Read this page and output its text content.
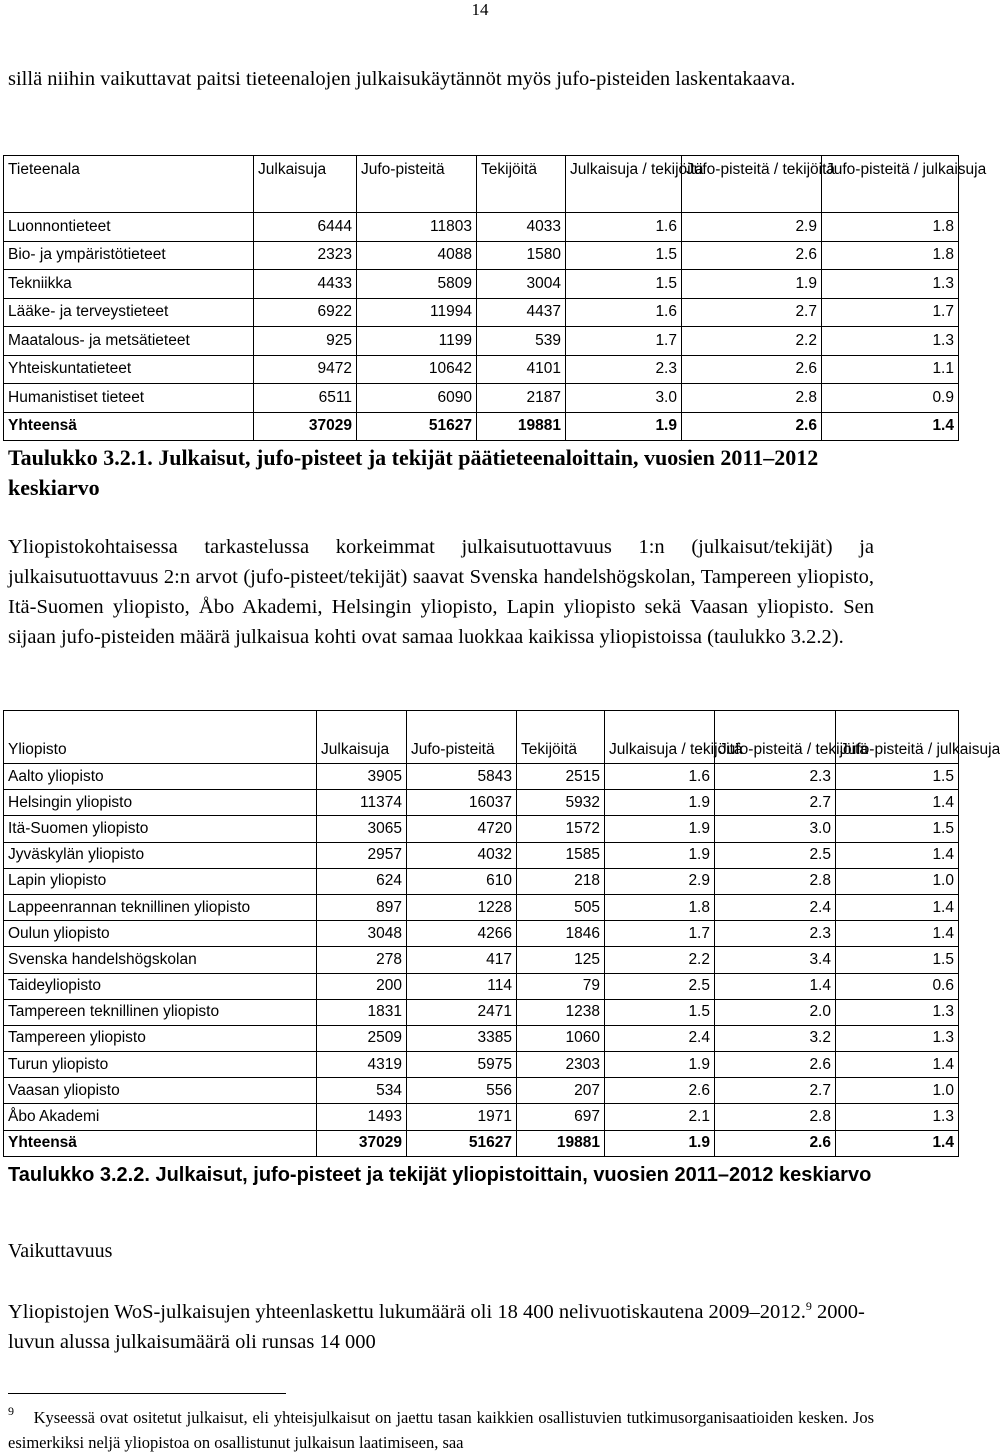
14

sillä niihin vaikuttavat paitsi tieteenalojen julkaisukäytännöt myös jufo-pisteiden laskentakaava.

Tieteenala	Julkaisuja	Jufo-pisteitä	Tekijöitä	Julkaisuja / tekijöitä	Jufo-pisteitä / tekijöitä	Jufo-pisteitä / julkaisuja
Luonnontieteet	6444	11803	4033	1.6	2.9	1.8
Bio- ja ympäristötieteet	2323	4088	1580	1.5	2.6	1.8
Tekniikka	4433	5809	3004	1.5	1.9	1.3
Lääke- ja terveystieteet	6922	11994	4437	1.6	2.7	1.7
Maatalous- ja metsätieteet	925	1199	539	1.7	2.2	1.3
Yhteiskuntatieteet	9472	10642	4101	2.3	2.6	1.1
Humanistiset tieteet	6511	6090	2187	3.0	2.8	0.9
Yhteensä	37029	51627	19881	1.9	2.6	1.4
Taulukko 3.2.1. Julkaisut, jufo-pisteet ja tekijät päätieteenaloittain, vuosien 2011–2012 keskiarvo

Yliopistokohtaisessa tarkastelussa korkeimmat julkaisutuottavuus 1:n (julkaisut/tekijät) ja julkaisutuottavuus 2:n arvot (jufo-pisteet/tekijät) saavat Svenska handelshögskolan, Tampereen yliopisto, Itä-Suomen yliopisto, Åbo Akademi, Helsingin yliopisto, Lapin yliopisto sekä Vaasan yliopisto. Sen sijaan jufo-pisteiden määrä julkaisua kohti ovat samaa luokkaa kaikissa yliopistoissa (taulukko 3.2.2).

Yliopisto	Julkaisuja	Jufo-pisteitä	Tekijöitä	Julkaisuja / tekijöitä	Jufo-pisteitä / tekijöitä	Jufo-pisteitä / julkaisuja
Aalto yliopisto	3905	5843	2515	1.6	2.3	1.5
Helsingin yliopisto	11374	16037	5932	1.9	2.7	1.4
Itä-Suomen yliopisto	3065	4720	1572	1.9	3.0	1.5
Jyväskylän yliopisto	2957	4032	1585	1.9	2.5	1.4
Lapin yliopisto	624	610	218	2.9	2.8	1.0
Lappeenrannan teknillinen yliopisto	897	1228	505	1.8	2.4	1.4
Oulun yliopisto	3048	4266	1846	1.7	2.3	1.4
Svenska handelshögskolan	278	417	125	2.2	3.4	1.5
Taideyliopisto	200	114	79	2.5	1.4	0.6
Tampereen teknillinen yliopisto	1831	2471	1238	1.5	2.0	1.3
Tampereen yliopisto	2509	3385	1060	2.4	3.2	1.3
Turun yliopisto	4319	5975	2303	1.9	2.6	1.4
Vaasan yliopisto	534	556	207	2.6	2.7	1.0
Åbo Akademi	1493	1971	697	2.1	2.8	1.3
Yhteensä	37029	51627	19881	1.9	2.6	1.4
Taulukko 3.2.2. Julkaisut, jufo-pisteet ja tekijät yliopistoittain, vuosien 2011–2012 keskiarvo

Vaikuttavuus

Yliopistojen WoS-julkaisujen yhteenlaskettu lukumäärä oli 18 400 nelivuotiskautena 2009–2012.$^9$ 2000-luvun alussa julkaisumäärä oli runsas 14 000

$^9$ Kyseessä ovat ositetut julkaisut, eli yhteisjulkaisut on jaettu tasan kaikkien osallistuvien tutkimusorganisaatioiden kesken. Jos esimerkiksi neljä yliopistoa on osallistunut julkaisun laatimiseen, saa
